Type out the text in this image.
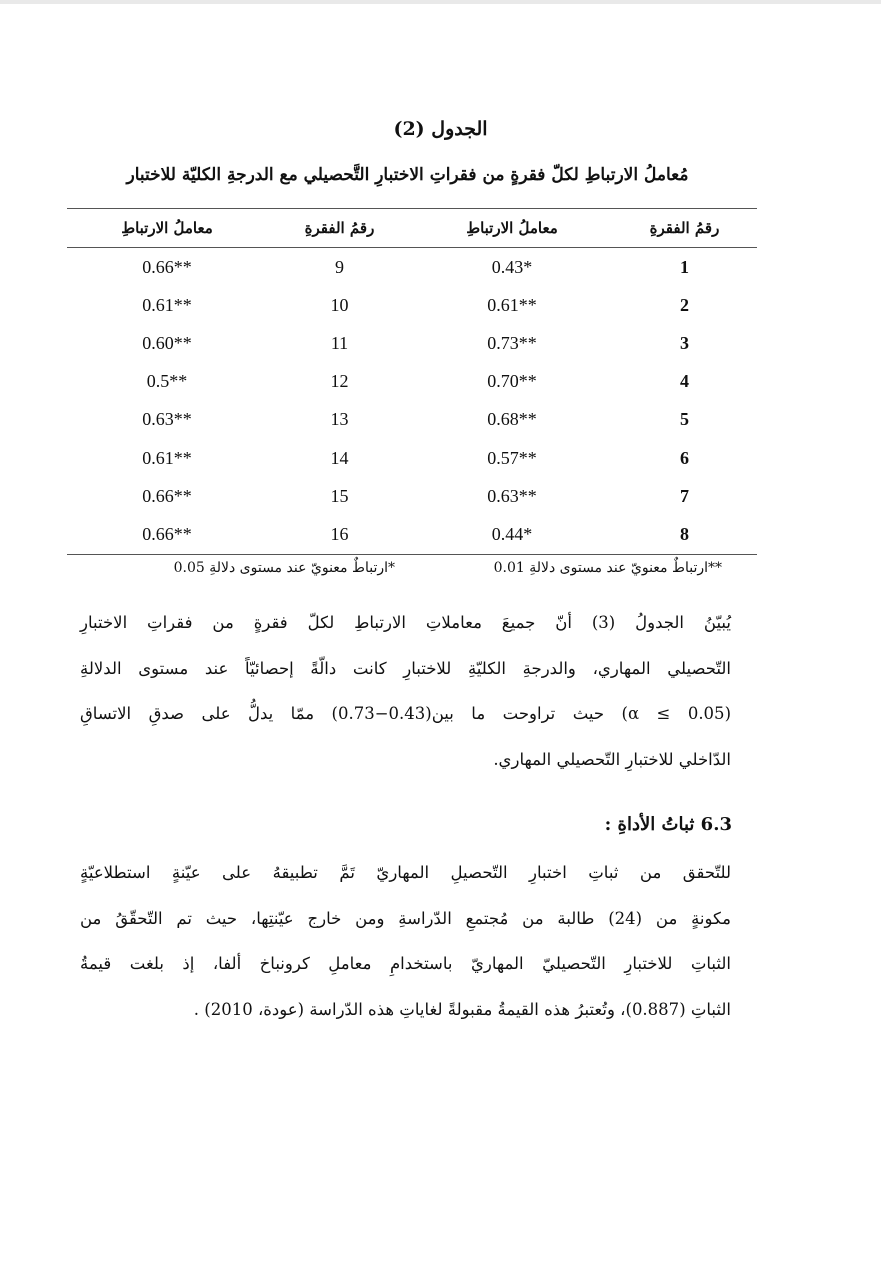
الجدول (2)
مُعاملُ الارتباطِ لكلّ فقرةٍ من فقراتِ الاختبارِ التَّحصيلي مع الدرجةِ الكليّة للاختبار
رقمُ الفقرةِ	معاملُ الارتباطِ	رقمُ الفقرةِ	معاملُ الارتباطِ
1	0.43*	9	0.66**
2	0.61**	10	0.61**
3	0.73**	11	0.60**
4	0.70**	12	0.5**
5	0.68**	13	0.63**
6	0.57**	14	0.61**
7	0.63**	15	0.66**
8	0.44*	16	0.66**
**ارتباطٌ معنويّ عند مستوى دلالةِ 0.01
*ارتباطٌ معنويّ عند مستوى دلالةِ 0.05
يُبيّنُ الجدولُ (3) أنّ جميعَ معاملاتِ الارتباطِ لكلّ فقرةٍ من فقراتِ الاختبارِ
التّحصيلي المهاري، والدرجةِ الكليّةِ للاختبارِ كانت دالّةً إحصائيّاً عند مستوى الدلالةِ
(α ≤ 0.05) حيث تراوحت ما بين(0.43−0.73) ممّا يدلُّ على صدقِ الاتساقِ
الدّاخلي للاختبارِ التّحصيلي المهاري.
6.3 ثباتُ الأداةِ :
للتّحقق من ثباتِ اختبارِ التّحصيلِ المهاريّ تَمَّ تطبيقهُ على عيّنةٍ استطلاعيّةٍ
مكونةٍ من (24) طالبة من مُجتمعِ الدّراسةِ ومن خارج عيّنتِها، حيث تم التّحقّقُ من
الثباتِ للاختبارِ التّحصيليّ المهاريّ باستخدامِ معاملِ كرونباخ ألفا، إذ بلغت قيمةُ
الثباتِ (0.887)، وتُعتبرُ هذه القيمةُ مقبولةً لغاياتِ هذه الدّراسة (عودة، 2010) .
